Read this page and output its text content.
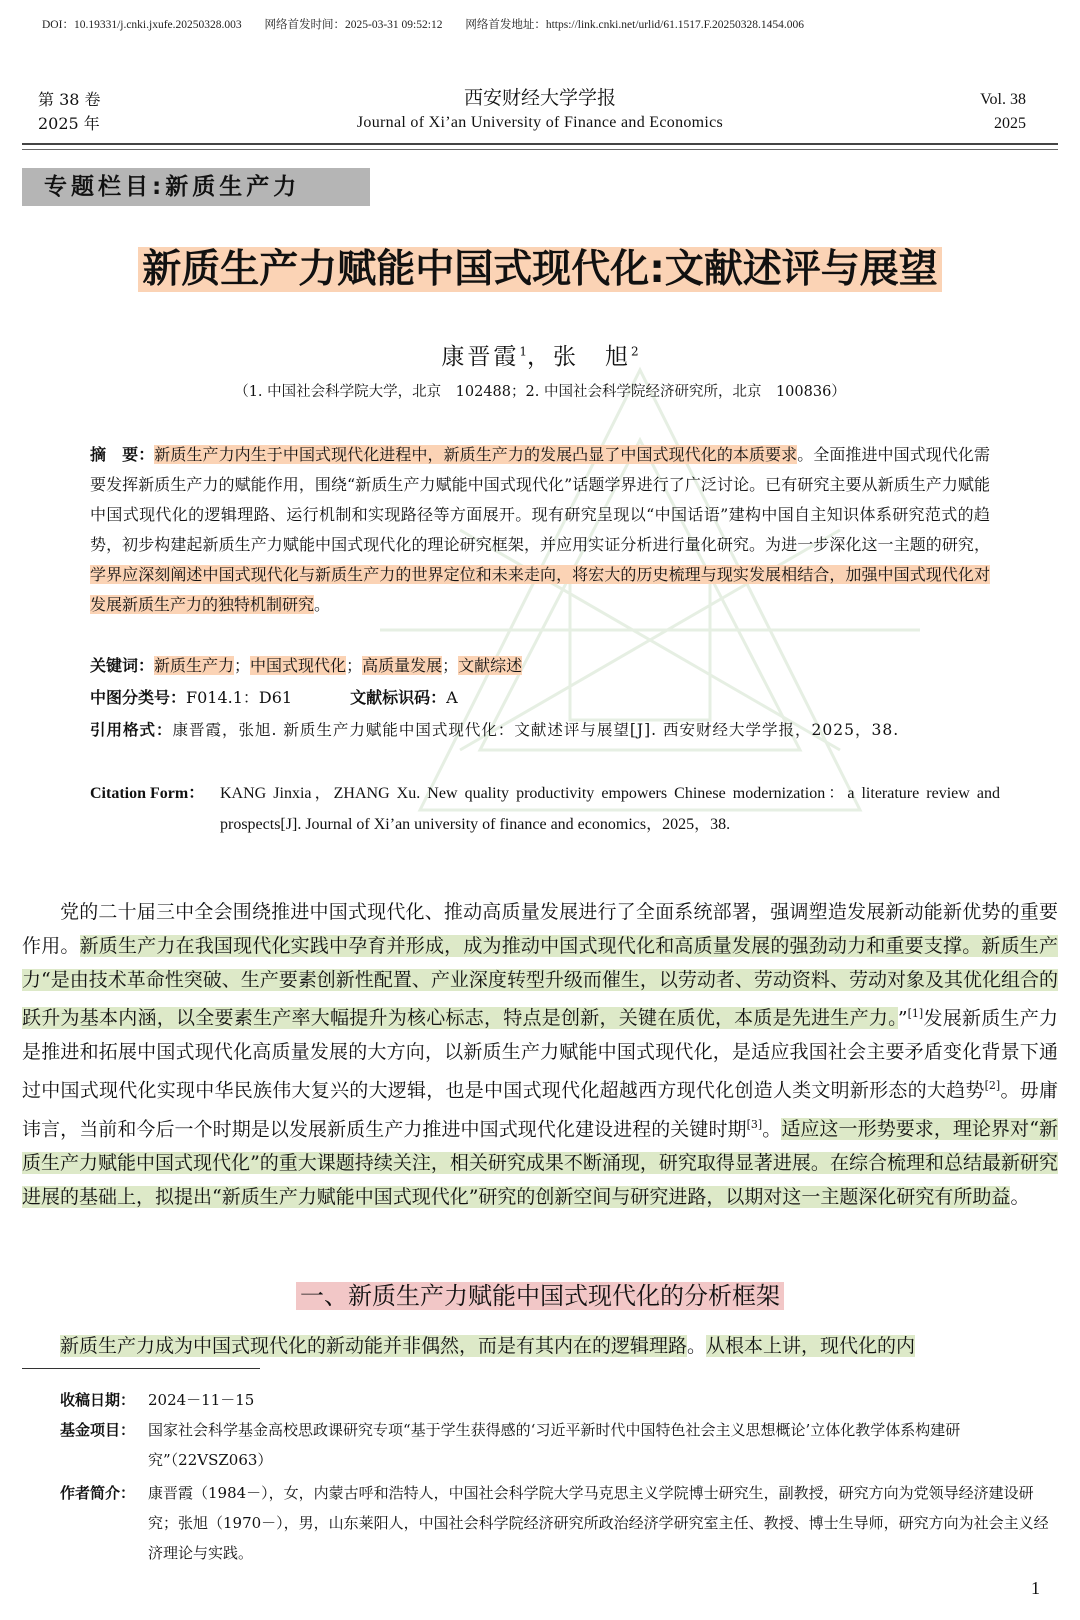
DOI：10.19331/j.cnki.jxufe.20250328.003 网络首发时间：2025-03-31 09:52:12 网络首发地址：https://link.cnki.net/urlid/61.1517.F.20250328.1454.006
第 38 卷
2025 年
西安财经大学学报
Journal of Xi’an University of Finance and Economics
Vol. 38
2025
专题栏目:新质生产力
新质生产力赋能中国式现代化:文献述评与展望
康晋霞$^1$，张　旭$^2$
（1. 中国社会科学院大学，北京　102488；2. 中国社会科学院经济研究所，北京　100836）
摘　要：新质生产力内生于中国式现代化进程中，新质生产力的发展凸显了中国式现代化的本质要求。全面推进中国式现代化需要发挥新质生产力的赋能作用，围绕“新质生产力赋能中国式现代化”话题学界进行了广泛讨论。已有研究主要从新质生产力赋能中国式现代化的逻辑理路、运行机制和实现路径等方面展开。现有研究呈现以“中国话语”建构中国自主知识体系研究范式的趋势，初步构建起新质生产力赋能中国式现代化的理论研究框架，并应用实证分析进行量化研究。为进一步深化这一主题的研究，学界应深刻阐述中国式现代化与新质生产力的世界定位和未来走向，将宏大的历史梳理与现实发展相结合，加强中国式现代化对发展新质生产力的独特机制研究。
关键词：新质生产力；中国式现代化；高质量发展；文献综述
中图分类号：F014.1：D61	文献标识码：A
引用格式：康晋霞，张旭. 新质生产力赋能中国式现代化：文献述评与展望[J]. 西安财经大学学报，2025，38.
Citation Form： KANG Jinxia，ZHANG Xu. New quality productivity empowers Chinese modernization：a literature review and prospects[J]. Journal of Xi’an university of finance and economics，2025，38.
党的二十届三中全会围绕推进中国式现代化、推动高质量发展进行了全面系统部署，强调塑造发展新动能新优势的重要作用。新质生产力在我国现代化实践中孕育并形成，成为推动中国式现代化和高质量发展的强劲动力和重要支撑。新质生产力“是由技术革命性突破、生产要素创新性配置、产业深度转型升级而催生，以劳动者、劳动资料、劳动对象及其优化组合的跃升为基本内涵，以全要素生产率大幅提升为核心标志，特点是创新，关键在质优，本质是先进生产力。”[1]发展新质生产力是推进和拓展中国式现代化高质量发展的大方向，以新质生产力赋能中国式现代化，是适应我国社会主要矛盾变化背景下通过中国式现代化实现中华民族伟大复兴的大逻辑，也是中国式现代化超越西方现代化创造人类文明新形态的大趋势[2]。毋庸讳言，当前和今后一个时期是以发展新质生产力推进中国式现代化建设进程的关键时期[3]。适应这一形势要求，理论界对“新质生产力赋能中国式现代化”的重大课题持续关注，相关研究成果不断涌现，研究取得显著进展。在综合梳理和总结最新研究进展的基础上，拟提出“新质生产力赋能中国式现代化”研究的创新空间与研究进路，以期对这一主题深化研究有所助益。
一、新质生产力赋能中国式现代化的分析框架
新质生产力成为中国式现代化的新动能并非偶然，而是有其内在的逻辑理路。从根本上讲，现代化的内
收稿日期： 2024－11－15
基金项目： 国家社会科学基金高校思政课研究专项“基于学生获得感的‘习近平新时代中国特色社会主义思想概论’立体化教学体系构建研究”（22VSZ063）
作者简介： 康晋霞（1984－），女，内蒙古呼和浩特人，中国社会科学院大学马克思主义学院博士研究生，副教授，研究方向为党领导经济建设研究；张旭（1970－），男，山东莱阳人，中国社会科学院经济研究所政治经济学研究室主任、教授、博士生导师，研究方向为社会主义经济理论与实践。
1
